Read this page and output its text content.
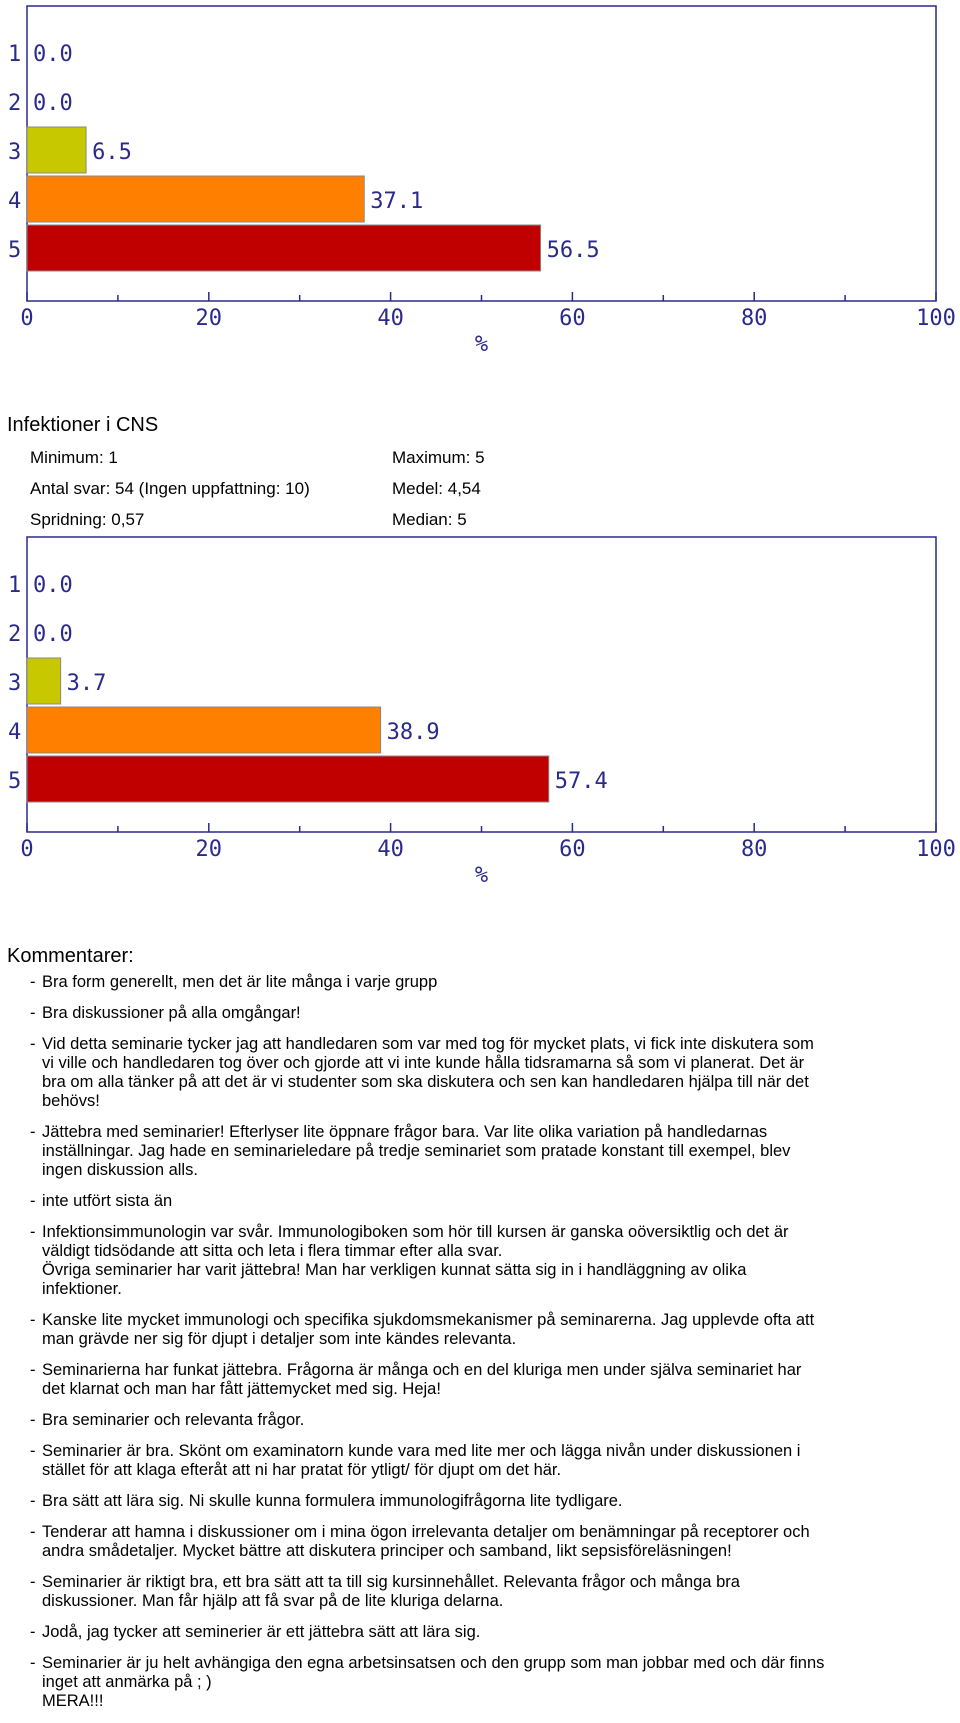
1 0.0
2 0.0
3	6.5
4	37.1
5	56.5
0	20	40	60	80	100
%
Infektioner i CNS
Minimum: 1	Maximum: 5
Antal svar: 54 (Ingen uppfattning: 10)	Medel: 4,54
Spridning: 0,57	Median: 5
1 0.0
2 0.0
3 3.7
4	38.9
5	57.4
0	20	40	60	80	100
%
Kommentarer:
- Bra form generellt, men det är lite många i varje grupp
- Bra diskussioner på alla omgångar!
- Vid detta seminarie tycker jag att handledaren som var med tog för mycket plats, vi fick inte diskutera som
vi ville och handledaren tog över och gjorde att vi inte kunde hålla tidsramarna så som vi planerat. Det är
bra om alla tänker på att det är vi studenter som ska diskutera och sen kan handledaren hjälpa till när det
behövs!
- Jättebra med seminarier! Efterlyser lite öppnare frågor bara. Var lite olika variation på handledarnas
inställningar. Jag hade en seminarieledare på tredje seminariet som pratade konstant till exempel, blev
ingen diskussion alls.
- inte utfört sista än
- Infektionsimmunologin var svår. Immunologiboken som hör till kursen är ganska oöversiktlig och det är
väldigt tidsödande att sitta och leta i flera timmar efter alla svar.
Övriga seminarier har varit jättebra! Man har verkligen kunnat sätta sig in i handläggning av olika
infektioner.
- Kanske lite mycket immunologi och specifika sjukdomsmekanismer på seminarerna. Jag upplevde ofta att
man grävde ner sig för djupt i detaljer som inte kändes relevanta.
- Seminarierna har funkat jättebra. Frågorna är många och en del kluriga men under själva seminariet har
det klarnat och man har fått jättemycket med sig. Heja!
- Bra seminarier och relevanta frågor.
- Seminarier är bra. Skönt om examinatorn kunde vara med lite mer och lägga nivån under diskussionen i
stället för att klaga efteråt att ni har pratat för ytligt/ för djupt om det här.
- Bra sätt att lära sig. Ni skulle kunna formulera immunologifrågorna lite tydligare.
- Tenderar att hamna i diskussioner om i mina ögon irrelevanta detaljer om benämningar på receptorer och
andra smådetaljer. Mycket bättre att diskutera principer och samband, likt sepsisföreläsningen!
- Seminarier är riktigt bra, ett bra sätt att ta till sig kursinnehållet. Relevanta frågor och många bra
diskussioner. Man får hjälp att få svar på de lite kluriga delarna.
- Jodå, jag tycker att seminerier är ett jättebra sätt att lära sig.
- Seminarier är ju helt avhängiga den egna arbetsinsatsen och den grupp som man jobbar med och där finns
inget att anmärka på ; )
MERA!!!
